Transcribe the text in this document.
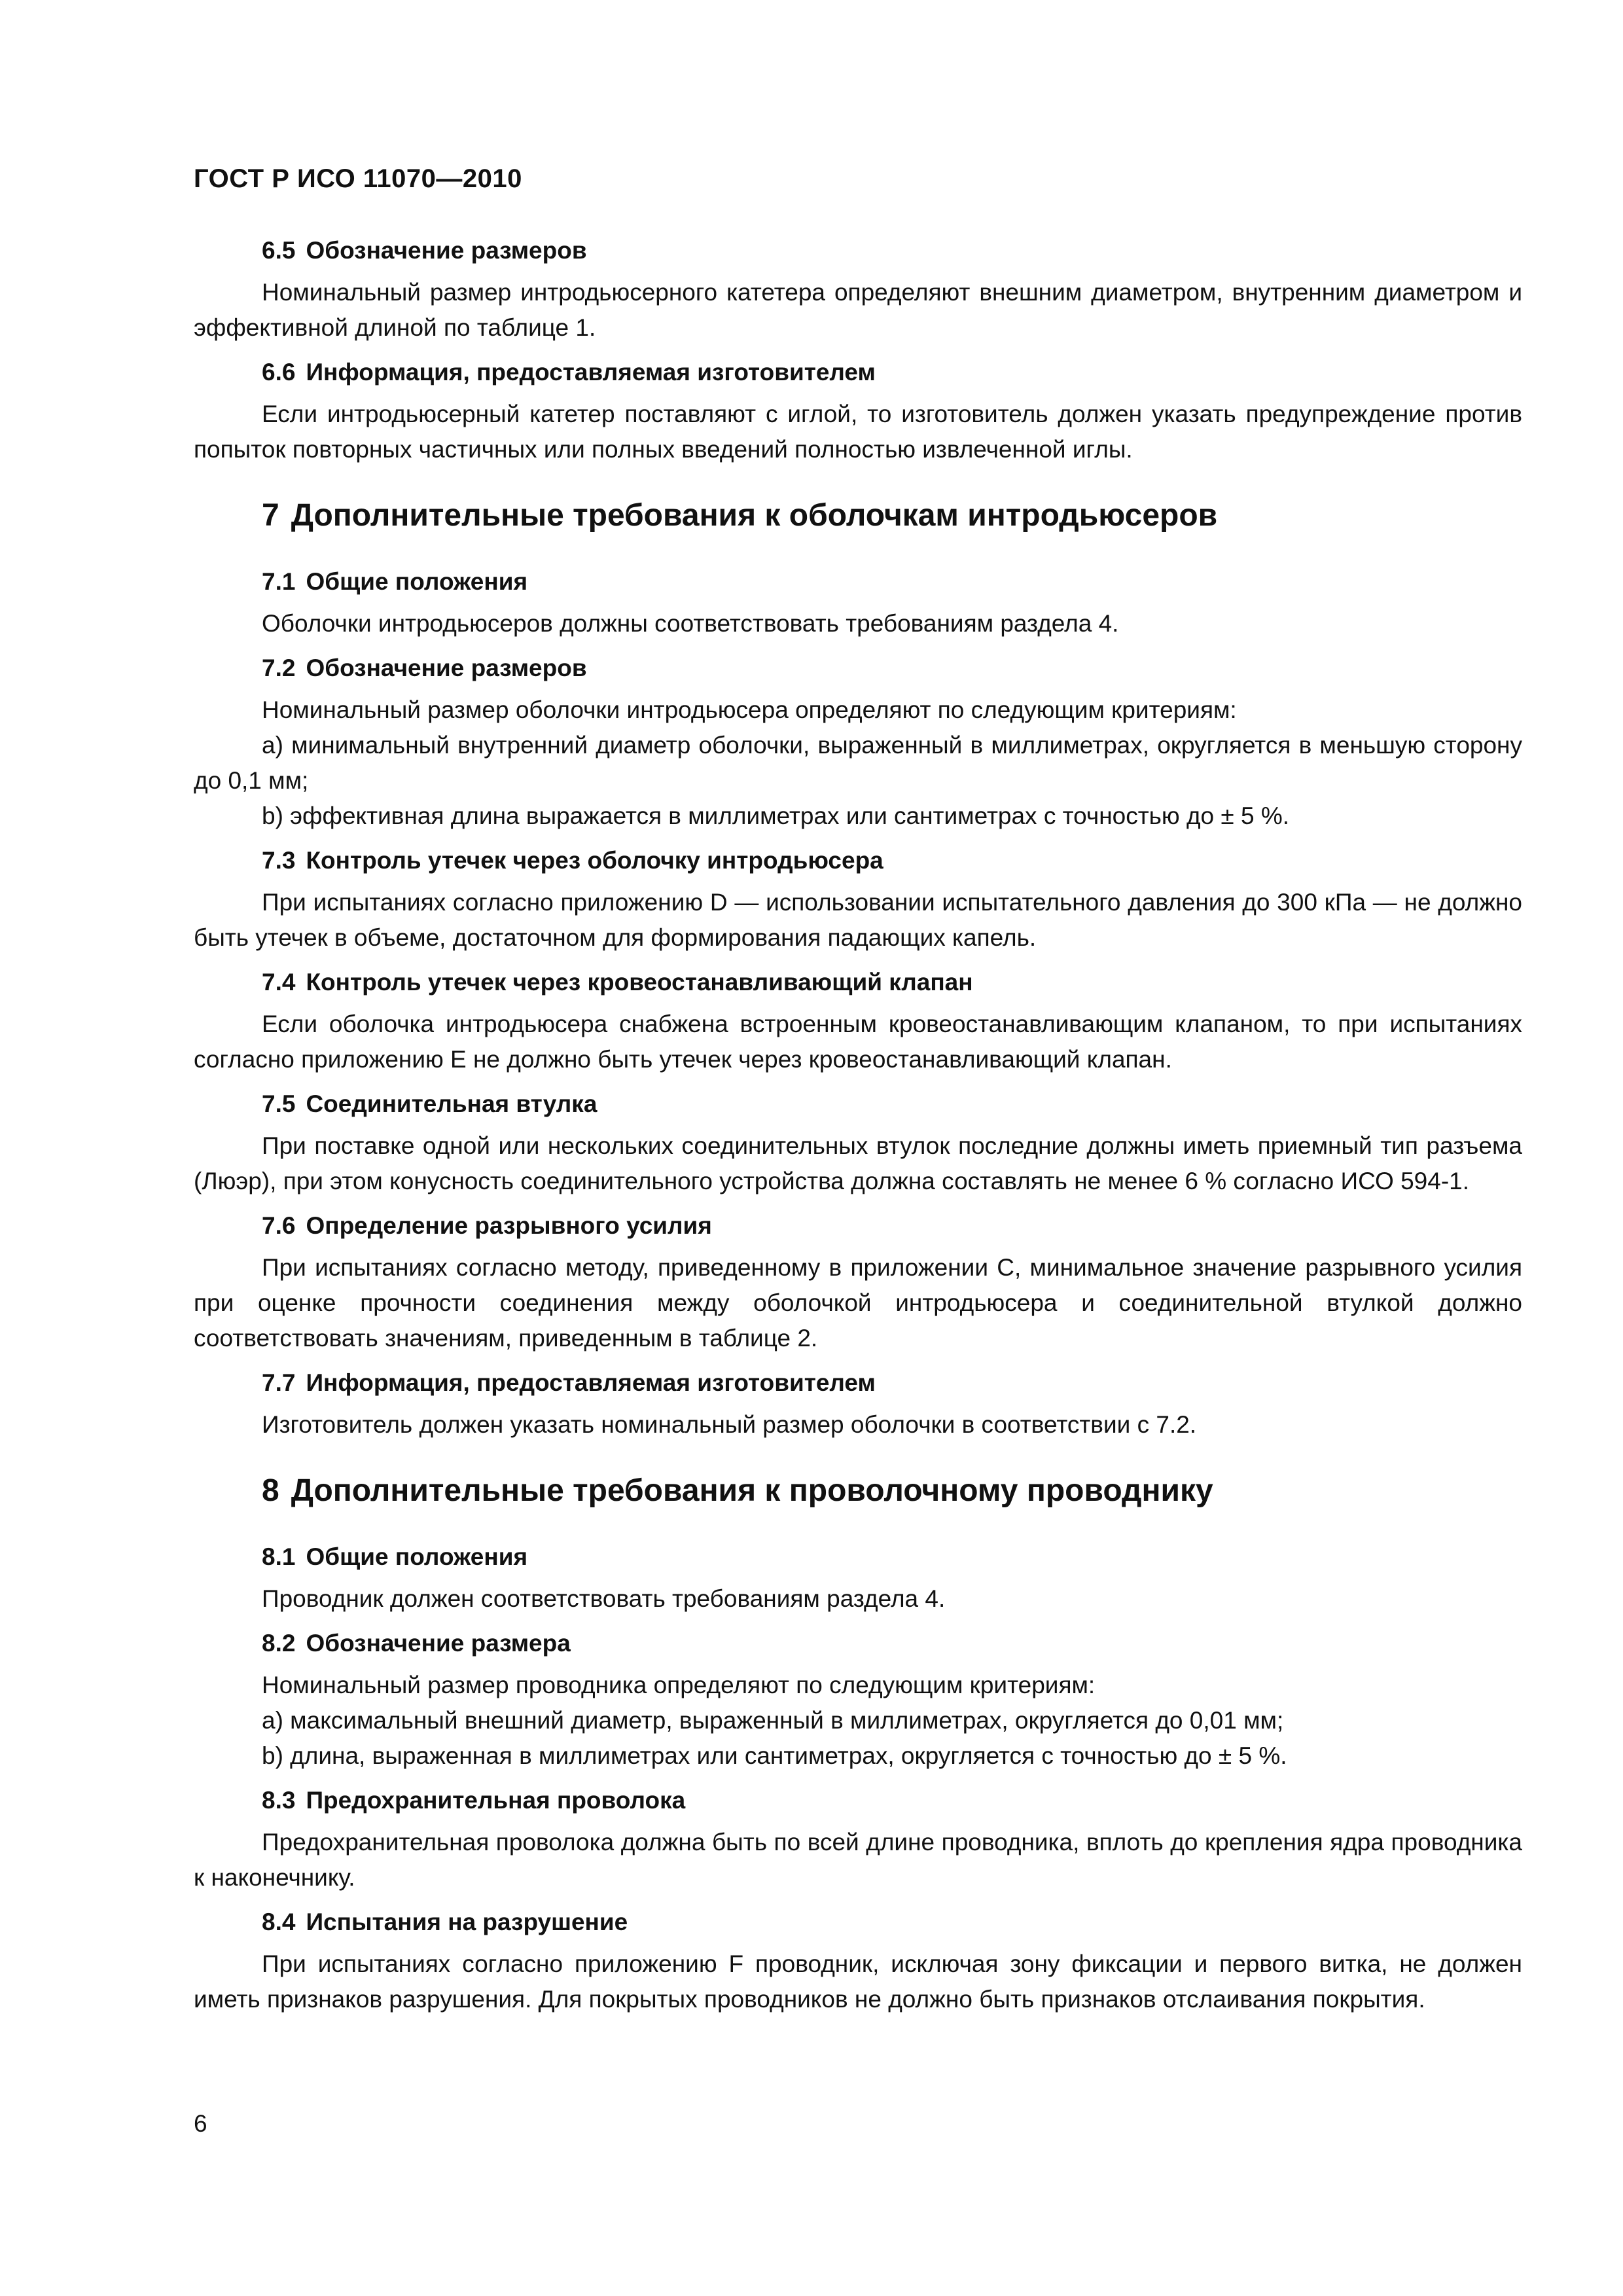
ГОСТ Р ИСО 11070—2010
6.5 Обозначение размеров

Номинальный размер интродьюсерного катетера определяют внешним диаметром, внутренним диаметром и эффективной длиной по таблице 1.

6.6 Информация, предоставляемая изготовителем

Если интродьюсерный катетер поставляют с иглой, то изготовитель должен указать предупреждение против попыток повторных частичных или полных введений полностью извлеченной иглы.

7 Дополнительные требования к оболочкам интродьюсеров
7.1 Общие положения

Оболочки интродьюсеров должны соответствовать требованиям раздела 4.

7.2 Обозначение размеров

Номинальный размер оболочки интродьюсера определяют по следующим критериям:

a) минимальный внутренний диаметр оболочки, выраженный в миллиметрах, округляется в меньшую сторону до 0,1 мм;

b) эффективная длина выражается в миллиметрах или сантиметрах с точностью до ± 5 %.

7.3 Контроль утечек через оболочку интродьюсера

При испытаниях согласно приложению D — использовании испытательного давления до 300 кПа — не должно быть утечек в объеме, достаточном для формирования падающих капель.

7.4 Контроль утечек через кровеостанавливающий клапан

Если оболочка интродьюсера снабжена встроенным кровеостанавливающим клапаном, то при испытаниях согласно приложению Е не должно быть утечек через кровеостанавливающий клапан.

7.5 Соединительная втулка

При поставке одной или нескольких соединительных втулок последние должны иметь приемный тип разъема (Люэр), при этом конусность соединительного устройства должна составлять не менее 6 % согласно ИСО 594-1.

7.6 Определение разрывного усилия

При испытаниях согласно методу, приведенному в приложении С, минимальное значение разрывного усилия при оценке прочности соединения между оболочкой интродьюсера и соединительной втулкой должно соответствовать значениям, приведенным в таблице 2.

7.7 Информация, предоставляемая изготовителем

Изготовитель должен указать номинальный размер оболочки в соответствии с 7.2.

8 Дополнительные требования к проволочному проводнику
8.1 Общие положения

Проводник должен соответствовать требованиям раздела 4.

8.2 Обозначение размера

Номинальный размер проводника определяют по следующим критериям:

a) максимальный внешний диаметр, выраженный в миллиметрах, округляется до 0,01 мм;

b) длина, выраженная в миллиметрах или сантиметрах, округляется с точностью до ± 5 %.

8.3 Предохранительная проволока

Предохранительная проволока должна быть по всей длине проводника, вплоть до крепления ядра проводника к наконечнику.

8.4 Испытания на разрушение

При испытаниях согласно приложению F проводник, исключая зону фиксации и первого витка, не должен иметь признаков разрушения. Для покрытых проводников не должно быть признаков отслаивания покрытия.

6
